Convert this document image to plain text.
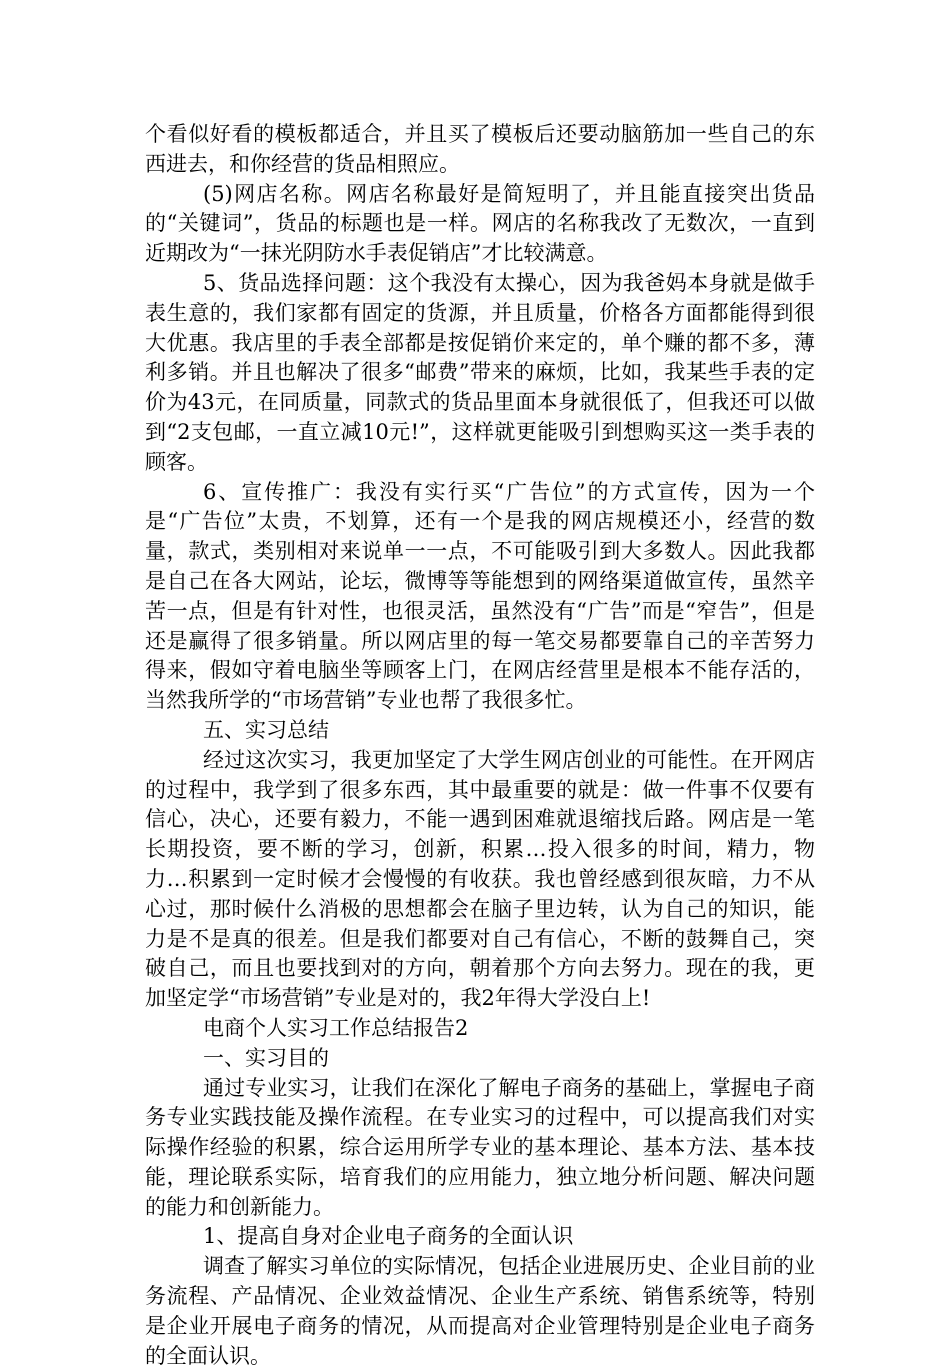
个看似好看的模板都适合，并且买了模板后还要动脑筋加一些自己的东西进去，和你经营的货品相照应。

(5)网店名称。网店名称最好是简短明了，并且能直接突出货品的“关键词”，货品的标题也是一样。网店的名称我改了无数次，一直到近期改为“一抹光阴防水手表促销店”才比较满意。

5、货品选择问题：这个我没有太操心，因为我爸妈本身就是做手表生意的，我们家都有固定的货源，并且质量，价格各方面都能得到很大优惠。我店里的手表全部都是按促销价来定的，单个赚的都不多，薄利多销。并且也解决了很多“邮费”带来的麻烦，比如，我某些手表的定价为43元，在同质量，同款式的货品里面本身就很低了，但我还可以做到“2支包邮，一直立减10元!”，这样就更能吸引到想购买这一类手表的顾客。

6、宣传推广：我没有实行买“广告位”的方式宣传，因为一个是“广告位”太贵，不划算，还有一个是我的网店规模还小，经营的数量，款式，类别相对来说单一一点，不可能吸引到大多数人。因此我都是自己在各大网站，论坛，微博等等能想到的网络渠道做宣传，虽然辛苦一点，但是有针对性，也很灵活，虽然没有“广告”而是“窄告”，但是还是赢得了很多销量。所以网店里的每一笔交易都要靠自己的辛苦努力得来，假如守着电脑坐等顾客上门，在网店经营里是根本不能存活的，当然我所学的“市场营销”专业也帮了我很多忙。

五、实习总结

经过这次实习，我更加坚定了大学生网店创业的可能性。在开网店的过程中，我学到了很多东西，其中最重要的就是：做一件事不仅要有信心，决心，还要有毅力，不能一遇到困难就退缩找后路。网店是一笔长期投资，要不断的学习，创新，积累…投入很多的时间，精力，物力…积累到一定时候才会慢慢的有收获。我也曾经感到很灰暗，力不从心过，那时候什么消极的思想都会在脑子里边转，认为自己的知识，能力是不是真的很差。但是我们都要对自己有信心，不断的鼓舞自己，突破自己，而且也要找到对的方向，朝着那个方向去努力。现在的我，更加坚定学“市场营销”专业是对的，我2年得大学没白上!

电商个人实习工作总结报告2

一、实习目的

通过专业实习，让我们在深化了解电子商务的基础上，掌握电子商务专业实践技能及操作流程。在专业实习的过程中，可以提高我们对实际操作经验的积累，综合运用所学专业的基本理论、基本方法、基本技能，理论联系实际，培育我们的应用能力，独立地分析问题、解决问题的能力和创新能力。

1、提高自身对企业电子商务的全面认识

调查了解实习单位的实际情况，包括企业进展历史、企业目前的业务流程、产品情况、企业效益情况、企业生产系统、销售系统等，特别是企业开展电子商务的情况，从而提高对企业管理特别是企业电子商务的全面认识。
